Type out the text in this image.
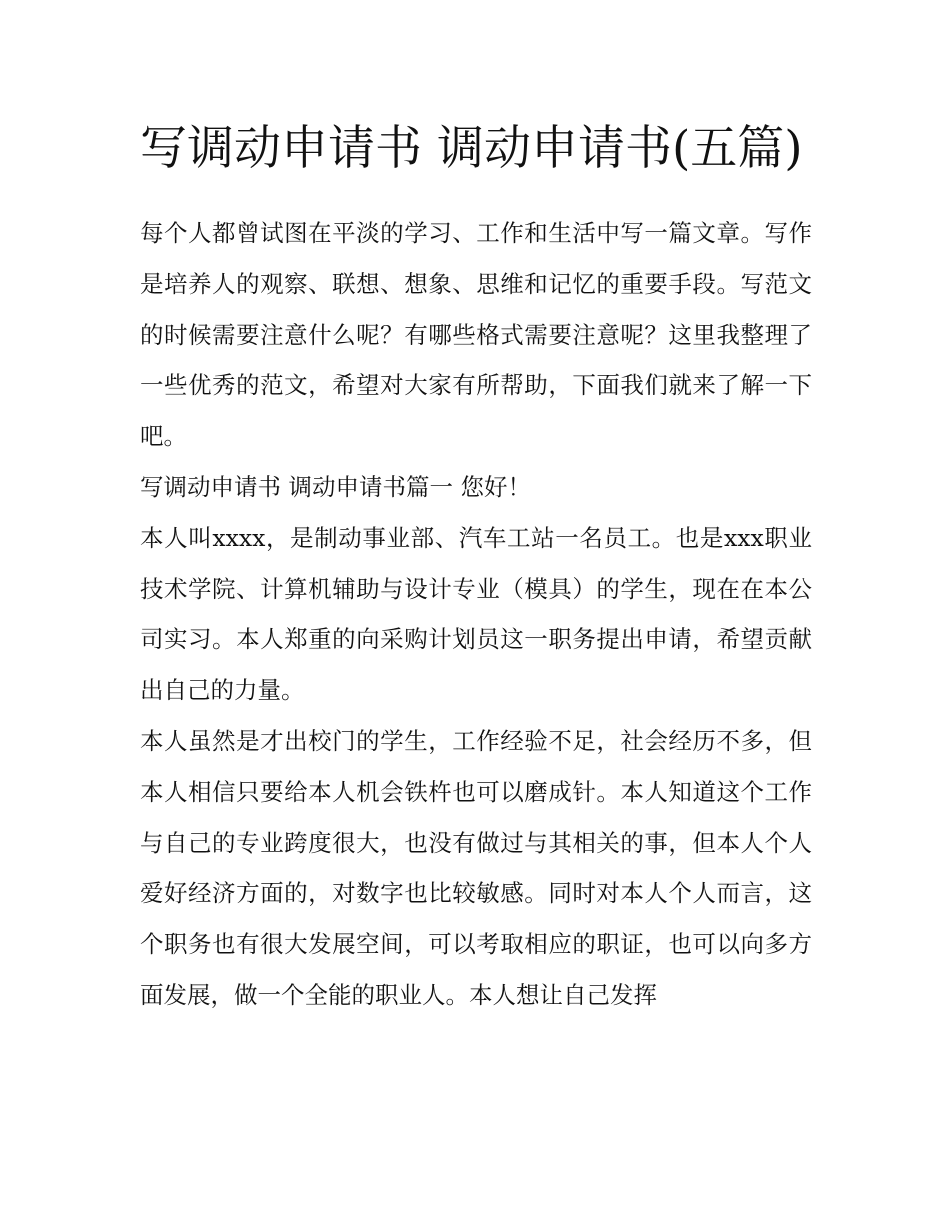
写调动申请书 调动申请书(五篇)

每个人都曾试图在平淡的学习、工作和生活中写一篇文章。写作是培养人的观察、联想、想象、思维和记忆的重要手段。写范文的时候需要注意什么呢？有哪些格式需要注意呢？这里我整理了一些优秀的范文，希望对大家有所帮助，下面我们就来了解一下吧。

写调动申请书 调动申请书篇一 您好！

本人叫xxxx，是制动事业部、汽车工站一名员工。也是xxx职业技术学院、计算机辅助与设计专业（模具）的学生，现在在本公司实习。本人郑重的向采购计划员这一职务提出申请，希望贡献出自己的力量。

本人虽然是才出校门的学生，工作经验不足，社会经历不多，但本人相信只要给本人机会铁杵也可以磨成针。本人知道这个工作与自己的专业跨度很大，也没有做过与其相关的事，但本人个人爱好经济方面的，对数字也比较敏感。同时对本人个人而言，这个职务也有很大发展空间，可以考取相应的职证，也可以向多方面发展，做一个全能的职业人。本人想让自己发挥
